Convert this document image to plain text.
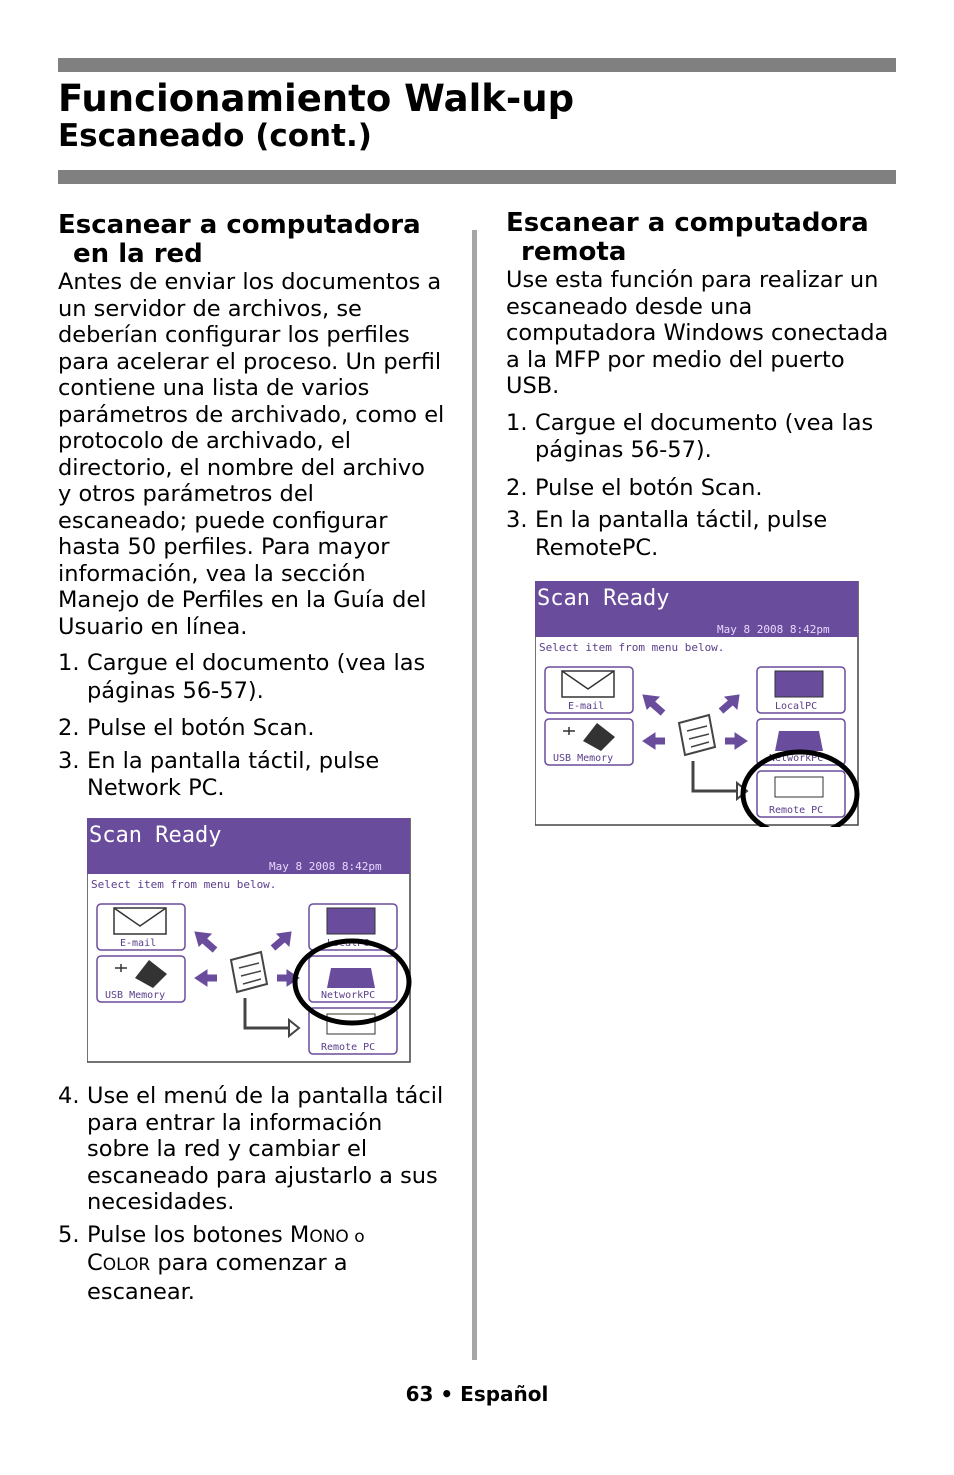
Funcionamiento Walk-up
Escaneado (cont.)
Escanear a computadora
en la red

Antes de enviar los documentos a
un servidor de archivos, se
deberían configurar los perfiles
para acelerar el proceso. Un perfil
contiene una lista de varios
parámetros de archivado, como el
protocolo de archivado, el
directorio, el nombre del archivo
y otros parámetros del
escaneado; puede configurar
hasta 50 perfiles. Para mayor
información, vea la sección
Manejo de Perfiles en la Guía del
Usuario en línea.

1. Cargue el documento (vea las
páginas 56-57).
2. Pulse el botón Scan.
3. En la pantalla táctil, pulse
Network PC.
Scan Ready
May 8 2008 8:42pm
Select item from menu below.
E-mail
USB Memory
LocalPC
NetworkPC
Remote PC
4. Use el menú de la pantalla tácil
para entrar la información
sobre la red y cambiar el
escaneado para ajustarlo a sus
necesidades.
5. Pulse los botones MONO o
COLOR para comenzar a
escanear.
Escanear a computadora
remota

Use esta función para realizar un
escaneado desde una
computadora Windows conectada
a la MFP por medio del puerto
USB.

1. Cargue el documento (vea las
páginas 56-57).
2. Pulse el botón Scan.
3. En la pantalla táctil, pulse
RemotePC.
Scan Ready
May 8 2008 8:42pm
Select item from menu below.
E-mail
USB Memory
LocalPC
NetworkPC
Remote PC
63 • Español
